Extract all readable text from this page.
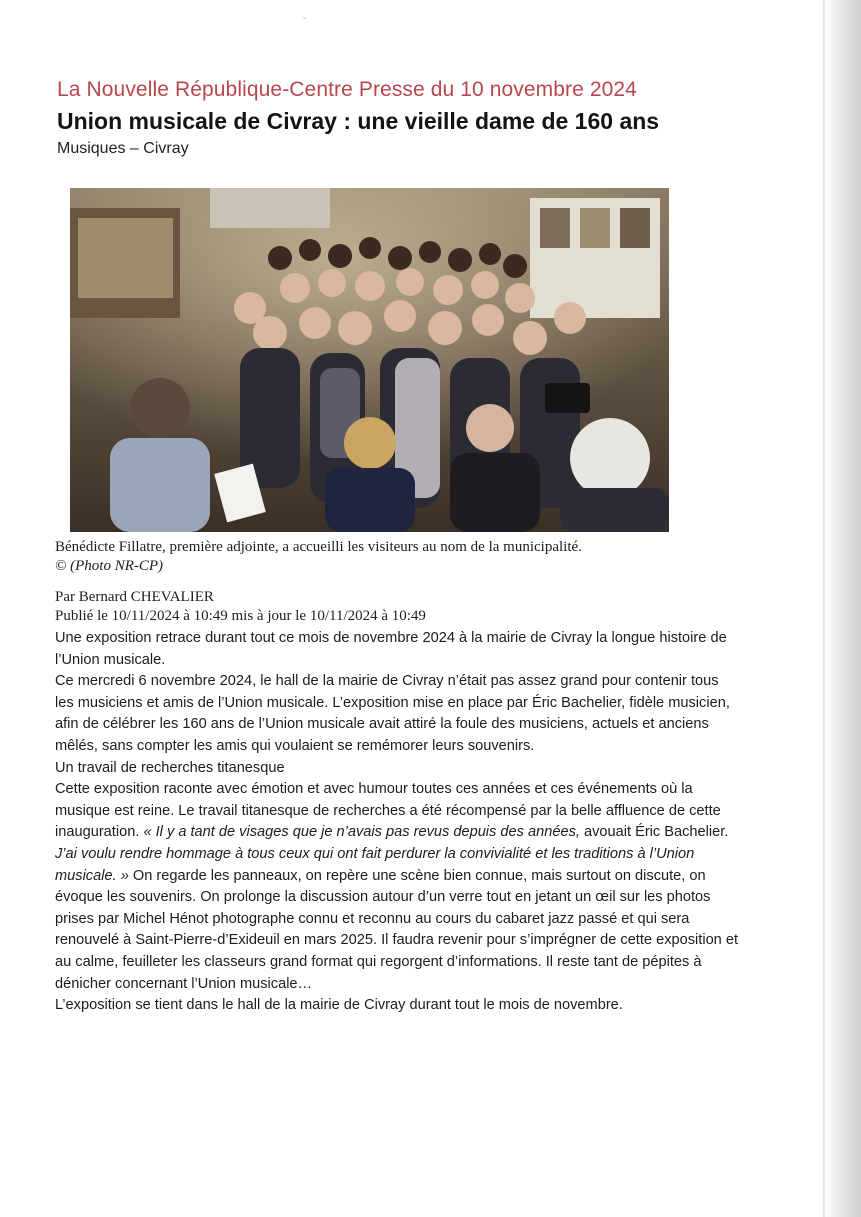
ˇ
La Nouvelle République-Centre Presse du 10 novembre 2024
Union musicale de Civray : une vieille dame de 160 ans
Musiques – Civray
Bénédicte Fillatre, première adjointe, a accueilli les visiteurs au nom de la municipalité.
© (Photo NR-CP)
Par Bernard CHEVALIER
Publié le 10/11/2024 à 10:49 mis à jour le 10/11/2024 à 10:49

Une exposition retrace durant tout ce mois de novembre 2024 à la mairie de Civray la longue histoire de l’Union musicale.

Ce mercredi 6 novembre 2024, le hall de la mairie de Civray n’était pas assez grand pour contenir tous les musiciens et amis de l’Union musicale. L’exposition mise en place par Éric Bachelier, fidèle musicien, afin de célébrer les 160 ans de l’Union musicale avait attiré la foule des musiciens, actuels et anciens mêlés, sans compter les amis qui voulaient se remémorer leurs souvenirs.

Un travail de recherches titanesque

Cette exposition raconte avec émotion et avec humour toutes ces années et ces événements où la musique est reine. Le travail titanesque de recherches a été récompensé par la belle affluence de cette inauguration. « Il y a tant de visages que je n’avais pas revus depuis des années, avouait Éric Bachelier. J’ai voulu rendre hommage à tous ceux qui ont fait perdurer la convivialité et les traditions à l’Union musicale. » On regarde les panneaux, on repère une scène bien connue, mais surtout on discute, on évoque les souvenirs. On prolonge la discussion autour d’un verre tout en jetant un œil sur les photos prises par Michel Hénot photographe connu et reconnu au cours du cabaret jazz passé et qui sera renouvelé à Saint-Pierre-d’Exideuil en mars 2025. Il faudra revenir pour s’imprégner de cette exposition et au calme, feuilleter les classeurs grand format qui regorgent d’informations. Il reste tant de pépites à dénicher concernant l’Union musicale…

L’exposition se tient dans le hall de la mairie de Civray durant tout le mois de novembre.
